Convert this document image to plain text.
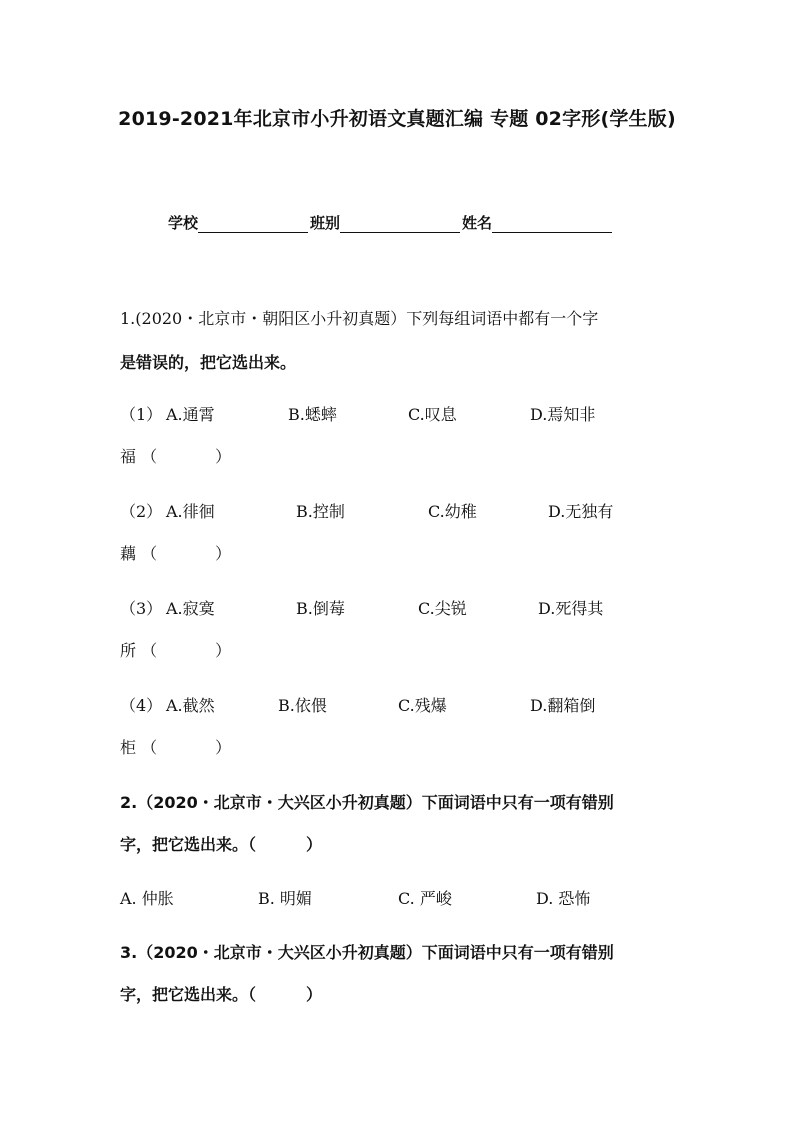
2019-2021年北京市小升初语文真题汇编 专题 02字形(学生版)
学校	班别	姓名
1.(2020・北京市・朝阳区小升初真题）下列每组词语中都有一个字
是错误的，把它选出来。
（1） A.通霄	B.蟋蟀	C.叹息	D.焉知非
福 （	）
（2） A.徘徊	B.控制	C.幼稚	D.无独有
藕 （	）
（3） A.寂寞	B.倒莓	C.尖锐	D.死得其
所 （	）
（4） A.截然	B.依偎	C.残爆	D.翻箱倒
柜 （	）
2.（2020・北京市・大兴区小升初真题）下面词语中只有一项有错别
字，把它选出来。（	）
A. 仲胀	B. 明媚	C. 严峻	D. 恐怖
3.（2020・北京市・大兴区小升初真题）下面词语中只有一项有错别
字，把它选出来。（	）
